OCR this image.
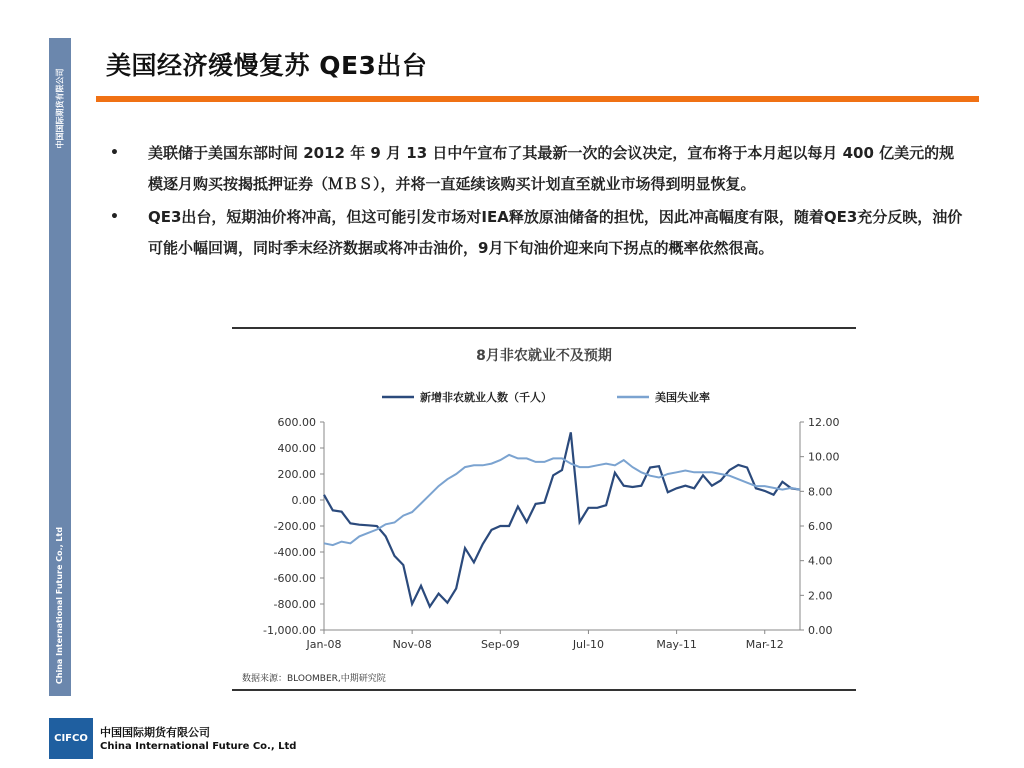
中国国际期货有限公司
China International Future Co., Ltd
美国经济缓慢复苏 QE3出台
• 美联储于美国东部时间 2012 年 9 月 13 日中午宣布了其最新一次的会议决定，宣布将于本月起以每月 400 亿美元的规模逐月购买按揭抵押证券（ＭＢＳ），并将一直延续该购买计划直至就业市场得到明显恢复。
• QE3出台，短期油价将冲高，但这可能引发市场对IEA释放原油储备的担忧，因此冲高幅度有限，随着QE3充分反映，油价可能小幅回调，同时季末经济数据或将冲击油价，9月下旬油价迎来向下拐点的概率依然很高。
8月非农就业不及预期
600.00
400.00
200.00
0.00
-200.00
-400.00
-600.00
-800.00
-1,000.00
12.00
10.00
8.00
6.00
4.00
2.00
0.00
Jan-08	Nov-08	Sep-09	Jul-10	May-11	Mar-12
新增非农就业人数（千人）	美国失业率
数据来源：BLOOMBER,中期研究院
CIFCO	中国国际期货有限公司
China International Future Co., Ltd
